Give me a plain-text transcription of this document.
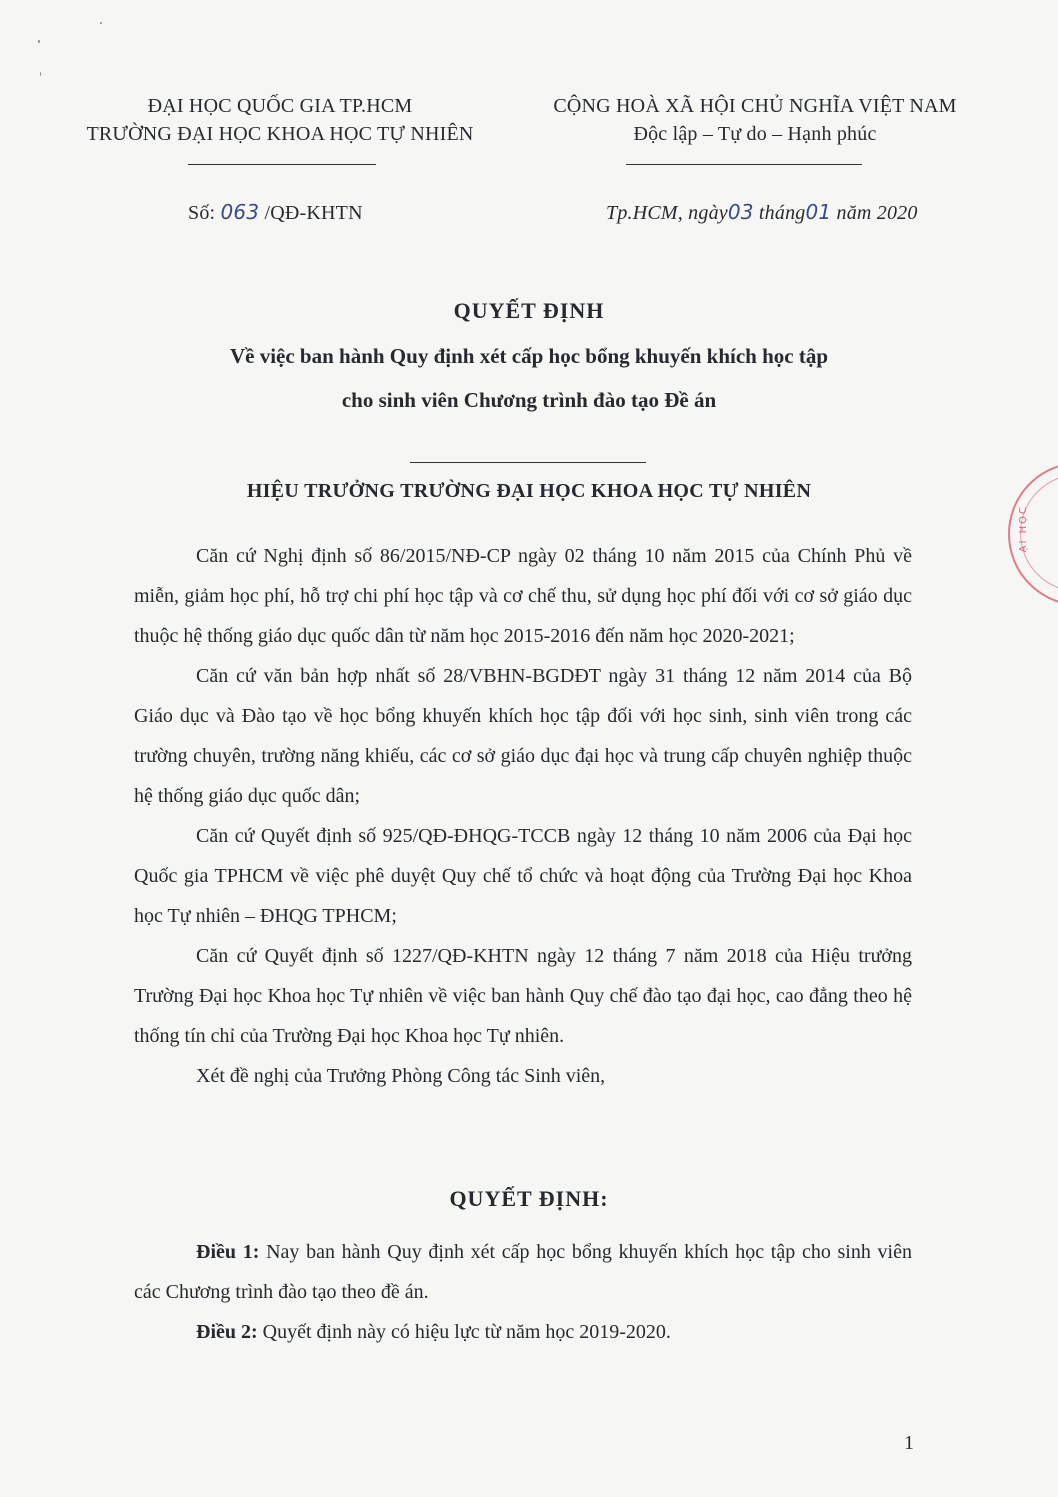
ĐẠI HỌC QUỐC GIA TP.HCM
TRƯỜNG ĐẠI HỌC KHOA HỌC TỰ NHIÊN
CỘNG HOÀ XÃ HỘI CHỦ NGHĨA VIỆT NAM
Độc lập – Tự do – Hạnh phúc
Số: 063 /QĐ-KHTN	Tp.HCM, ngày03 tháng01 năm 2020
QUYẾT ĐỊNH
Về việc ban hành Quy định xét cấp học bổng khuyến khích học tập
cho sinh viên Chương trình đào tạo Đề án
HIỆU TRƯỞNG TRƯỜNG ĐẠI HỌC KHOA HỌC TỰ NHIÊN

Căn cứ Nghị định số 86/2015/NĐ-CP ngày 02 tháng 10 năm 2015 của Chính Phủ về miễn, giảm học phí, hỗ trợ chi phí học tập và cơ chế thu, sử dụng học phí đối với cơ sở giáo dục thuộc hệ thống giáo dục quốc dân từ năm học 2015-2016 đến năm học 2020-2021;

Căn cứ văn bản hợp nhất số 28/VBHN-BGDĐT ngày 31 tháng 12 năm 2014 của Bộ Giáo dục và Đào tạo về học bổng khuyến khích học tập đối với học sinh, sinh viên trong các trường chuyên, trường năng khiếu, các cơ sở giáo dục đại học và trung cấp chuyên nghiệp thuộc hệ thống giáo dục quốc dân;

Căn cứ Quyết định số 925/QĐ-ĐHQG-TCCB ngày 12 tháng 10 năm 2006 của Đại học Quốc gia TPHCM về việc phê duyệt Quy chế tổ chức và hoạt động của Trường Đại học Khoa học Tự nhiên – ĐHQG TPHCM;

Căn cứ Quyết định số 1227/QĐ-KHTN ngày 12 tháng 7 năm 2018 của Hiệu trưởng Trường Đại học Khoa học Tự nhiên về việc ban hành Quy chế đào tạo đại học, cao đẳng theo hệ thống tín chỉ của Trường Đại học Khoa học Tự nhiên.

Xét đề nghị của Trưởng Phòng Công tác Sinh viên,

QUYẾT ĐỊNH:

Điều 1: Nay ban hành Quy định xét cấp học bổng khuyến khích học tập cho sinh viên các Chương trình đào tạo theo đề án.

Điều 2: Quyết định này có hiệu lực từ năm học 2019-2020.

1
ẠI HỌC
